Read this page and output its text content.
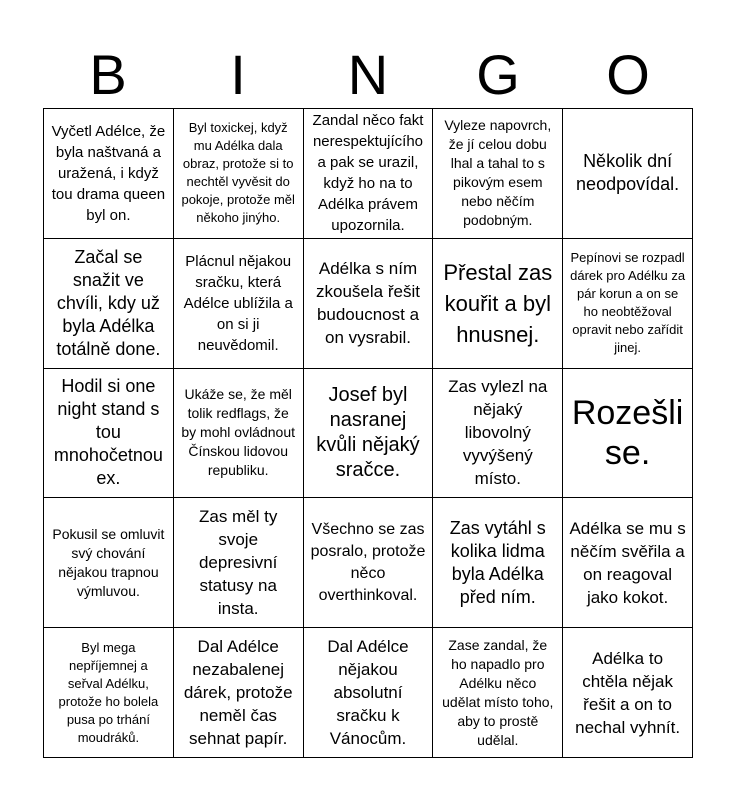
B	I	N	G	O
Vyčetl Adélce, že byla naštvaná a uražená, i když tou drama queen byl on.
Byl toxickej, když mu Adélka dala obraz, protože si to nechtěl vyvěsit do pokoje, protože měl někoho jinýho.
Zandal něco fakt nerespektujícího a pak se urazil, když ho na to Adélka právem upozornila.
Vyleze napovrch, že jí celou dobu lhal a tahal to s pikovým esem nebo něčím podobným.
Několik dní neodpovídal.
Začal se snažit ve chvíli, kdy už byla Adélka totálně done.
Plácnul nějakou sračku, která Adélce ublížila a on si ji neuvědomil.
Adélka s ním zkoušela řešit budoucnost a on vysrabil.
Přestal zas kouřit a byl hnusnej.
Pepínovi se rozpadl dárek pro Adélku za pár korun a on se ho neobtěžoval opravit nebo zařídit jinej.
Hodil si one night stand s tou mnohočetnou ex.
Ukáže se, že měl tolik redflags, že by mohl ovládnout Čínskou lidovou republiku.
Josef byl nasranej kvůli nějaký sračce.
Zas vylezl na nějaký libovolný vyvýšený místo.
Rozešli se.
Pokusil se omluvit svý chování nějakou trapnou výmluvou.
Zas měl ty svoje depresivní statusy na insta.
Všechno se zas posralo, protože něco overthinkoval.
Zas vytáhl s kolika lidma byla Adélka před ním.
Adélka se mu s něčím svěřila a on reagoval jako kokot.
Byl mega nepříjemnej a seřval Adélku, protože ho bolela pusa po trhání moudráků.
Dal Adélce nezabalenej dárek, protože neměl čas sehnat papír.
Dal Adélce nějakou absolutní sračku k Vánocům.
Zase zandal, že ho napadlo pro Adélku něco udělat místo toho, aby to prostě udělal.
Adélka to chtěla nějak řešit a on to nechal vyhnít.
